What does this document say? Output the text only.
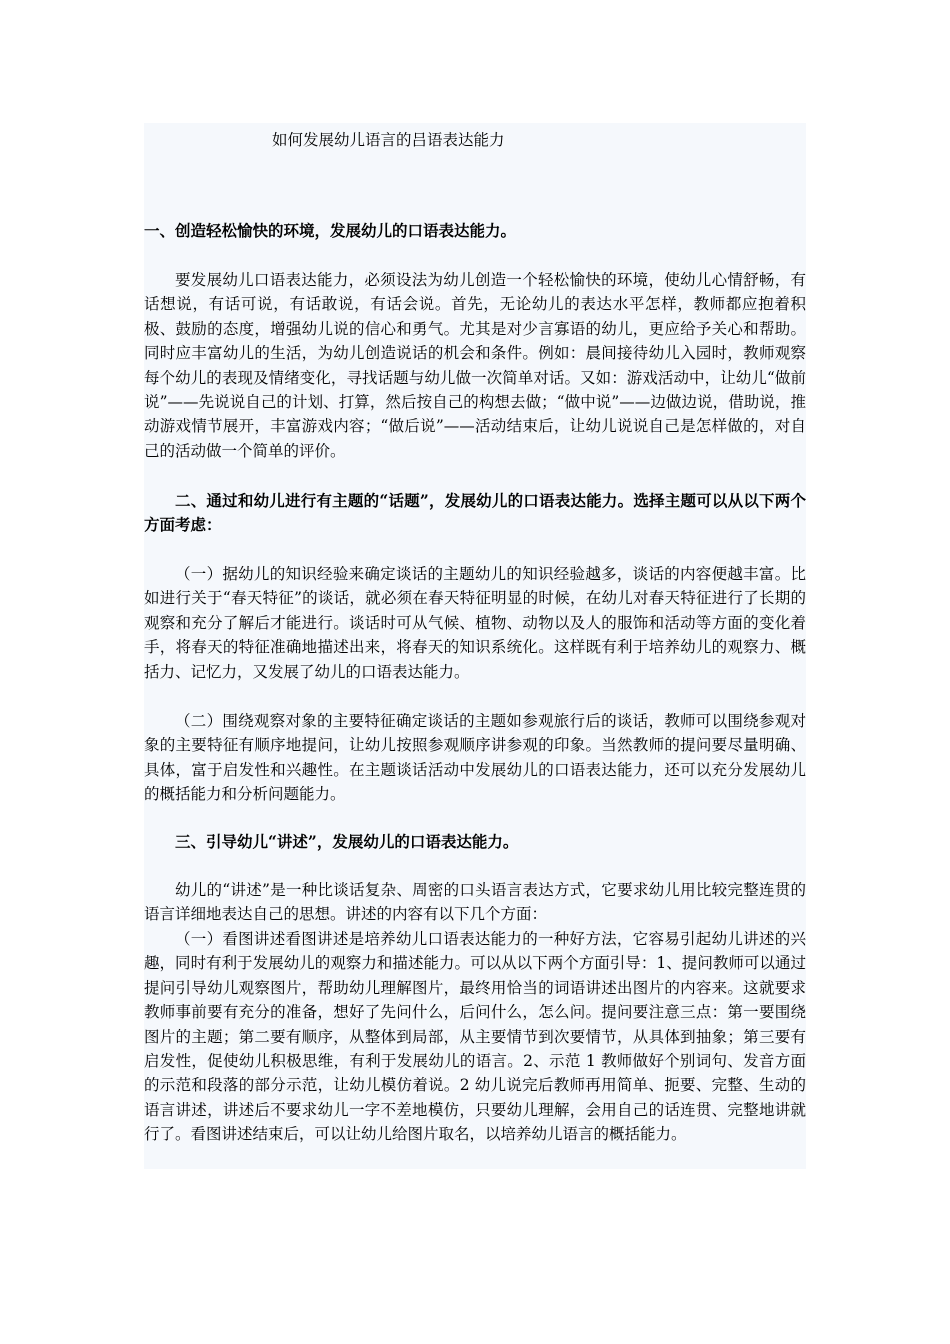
如何发展幼儿语言的吕语表达能力

一、创造轻松愉快的环境，发展幼儿的口语表达能力。

要发展幼儿口语表达能力，必须设法为幼儿创造一个轻松愉快的环境，使幼儿心情舒畅，有话想说，有话可说，有话敢说，有话会说。首先，无论幼儿的表达水平怎样，教师都应抱着积极、鼓励的态度，增强幼儿说的信心和勇气。尤其是对少言寡语的幼儿，更应给予关心和帮助。同时应丰富幼儿的生活，为幼儿创造说话的机会和条件。例如：晨间接待幼儿入园时，教师观察每个幼儿的表现及情绪变化，寻找话题与幼儿做一次简单对话。又如：游戏活动中，让幼儿“做前说”——先说说自己的计划、打算，然后按自己的构想去做；“做中说”——边做边说，借助说，推动游戏情节展开，丰富游戏内容；“做后说”——活动结束后，让幼儿说说自己是怎样做的，对自己的活动做一个简单的评价。

二、通过和幼儿进行有主题的“话题”，发展幼儿的口语表达能力。选择主题可以从以下两个方面考虑：

（一）据幼儿的知识经验来确定谈话的主题幼儿的知识经验越多，谈话的内容便越丰富。比如进行关于“春天特征”的谈话，就必须在春天特征明显的时候，在幼儿对春天特征进行了长期的观察和充分了解后才能进行。谈话时可从气候、植物、动物以及人的服饰和活动等方面的变化着手，将春天的特征准确地描述出来，将春天的知识系统化。这样既有利于培养幼儿的观察力、概括力、记忆力，又发展了幼儿的口语表达能力。

（二）围绕观察对象的主要特征确定谈话的主题如参观旅行后的谈话，教师可以围绕参观对象的主要特征有顺序地提问，让幼儿按照参观顺序讲参观的印象。当然教师的提问要尽量明确、具体，富于启发性和兴趣性。在主题谈话活动中发展幼儿的口语表达能力，还可以充分发展幼儿的概括能力和分析问题能力。

三、引导幼儿“讲述”，发展幼儿的口语表达能力。

幼儿的“讲述”是一种比谈话复杂、周密的口头语言表达方式，它要求幼儿用比较完整连贯的语言详细地表达自己的思想。讲述的内容有以下几个方面：

（一）看图讲述看图讲述是培养幼儿口语表达能力的一种好方法，它容易引起幼儿讲述的兴趣，同时有利于发展幼儿的观察力和描述能力。可以从以下两个方面引导：1、提问教师可以通过提问引导幼儿观察图片，帮助幼儿理解图片，最终用恰当的词语讲述出图片的内容来。这就要求教师事前要有充分的准备，想好了先问什么，后问什么，怎么问。提问要注意三点：第一要围绕图片的主题；第二要有顺序，从整体到局部，从主要情节到次要情节，从具体到抽象；第三要有启发性，促使幼儿积极思维，有利于发展幼儿的语言。2、示范 1 教师做好个别词句、发音方面的示范和段落的部分示范，让幼儿模仿着说。2 幼儿说完后教师再用简单、扼要、完整、生动的语言讲述，讲述后不要求幼儿一字不差地模仿，只要幼儿理解，会用自己的话连贯、完整地讲就行了。看图讲述结束后，可以让幼儿给图片取名，以培养幼儿语言的概括能力。
